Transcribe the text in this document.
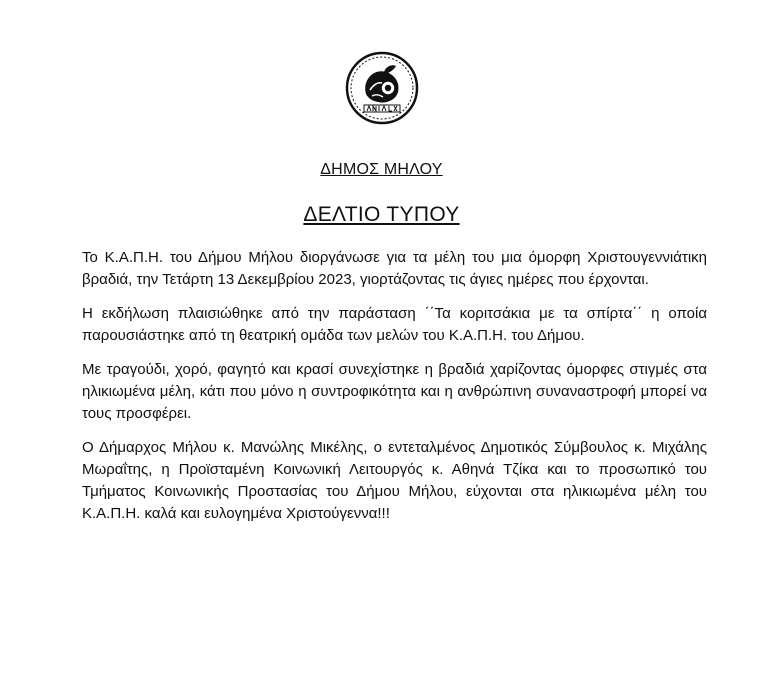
ΔΗΜΟΣ ΜΗΛΟΥ
ΔΕΛΤΙΟ ΤΥΠΟΥ

Το Κ.Α.Π.Η. του Δήμου Μήλου διοργάνωσε για τα μέλη του μια όμορφη Χριστουγεννιάτικη βραδιά, την Τετάρτη 13 Δεκεμβρίου 2023, γιορτάζοντας τις άγιες ημέρες που έρχονται.

Η εκδήλωση πλαισιώθηκε από την παράσταση ΄΄Τα κοριτσάκια με τα σπίρτα΄΄ η οποία παρουσιάστηκε από τη θεατρική ομάδα των μελών του Κ.Α.Π.Η. του Δήμου.

Με τραγούδι, χορό, φαγητό και κρασί συνεχίστηκε η βραδιά χαρίζοντας όμορφες στιγμές στα ηλικιωμένα μέλη, κάτι που μόνο η συντροφικότητα και η ανθρώπινη συναναστροφή μπορεί να τους προσφέρει.

Ο Δήμαρχος Μήλου κ. Μανώλης Μικέλης, ο εντεταλμένος Δημοτικός Σύμβουλος κ. Μιχάλης Μωραΐτης, η Προϊσταμένη Κοινωνική Λειτουργός κ. Αθηνά Τζίκα και το προσωπικό του Τμήματος Κοινωνικής Προστασίας του Δήμου Μήλου, εύχονται στα ηλικιωμένα μέλη του Κ.Α.Π.Η. καλά και ευλογημένα Χριστούγεννα!!!
